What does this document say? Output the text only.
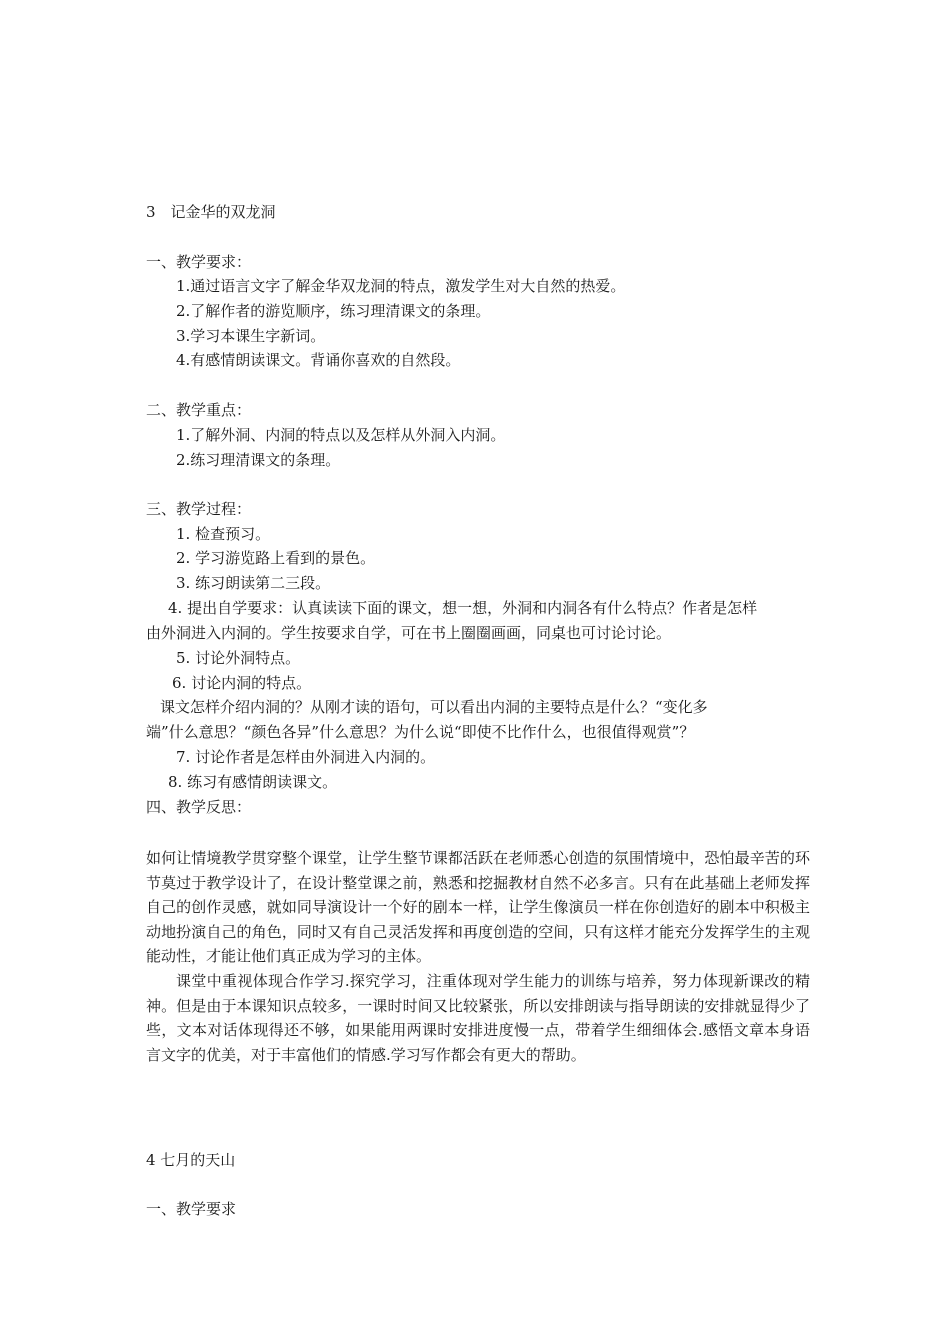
3　记金华的双龙洞
一、教学要求：
1.通过语言文字了解金华双龙洞的特点，激发学生对大自然的热爱。
2.了解作者的游览顺序，练习理清课文的条理。
3.学习本课生字新词。
4.有感情朗读课文。背诵你喜欢的自然段。
二、教学重点：
1.了解外洞、内洞的特点以及怎样从外洞入内洞。
2.练习理清课文的条理。
三、教学过程：
1. 检查预习。
2. 学习游览路上看到的景色。
3. 练习朗读第二三段。
4. 提出自学要求：认真读读下面的课文，想一想，外洞和内洞各有什么特点？作者是怎样
由外洞进入内洞的。学生按要求自学，可在书上圈圈画画，同桌也可讨论讨论。
5. 讨论外洞特点。
6. 讨论内洞的特点。
课文怎样介绍内洞的？从刚才读的语句，可以看出内洞的主要特点是什么？“变化多
端”什么意思？“颜色各异”什么意思？为什么说“即使不比作什么，也很值得观赏”？
7. 讨论作者是怎样由外洞进入内洞的。
8. 练习有感情朗读课文。
四、教学反思：

如何让情境教学贯穿整个课堂，让学生整节课都活跃在老师悉心创造的氛围情境中，恐怕最辛苦的环节莫过于教学设计了，在设计整堂课之前，熟悉和挖掘教材自然不必多言。只有在此基础上老师发挥自己的创作灵感，就如同导演设计一个好的剧本一样，让学生像演员一样在你创造好的剧本中积极主动地扮演自己的角色，同时又有自己灵活发挥和再度创造的空间，只有这样才能充分发挥学生的主观能动性，才能让他们真正成为学习的主体。

课堂中重视体现合作学习.探究学习，注重体现对学生能力的训练与培养，努力体现新课改的精神。但是由于本课知识点较多，一课时时间又比较紧张，所以安排朗读与指导朗读的安排就显得少了些，文本对话体现得还不够，如果能用两课时安排进度慢一点，带着学生细细体会.感悟文章本身语言文字的优美，对于丰富他们的情感.学习写作都会有更大的帮助。

4 七月的天山
一、教学要求
